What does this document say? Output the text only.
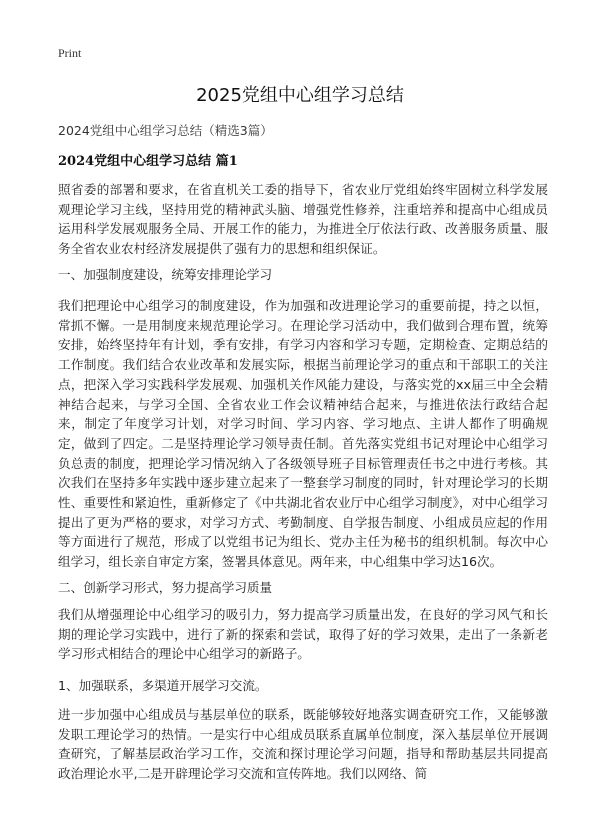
Print
2025党组中心组学习总结
2024党组中心组学习总结（精选3篇）
2024党组中心组学习总结 篇1

照省委的部署和要求，在省直机关工委的指导下，省农业厅党组始终牢固树立科学发展观理论学习主线，坚持用党的精神武头脑、增强党性修养，注重培养和提高中心组成员运用科学发展观服务全局、开展工作的能力，为推进全厅依法行政、改善服务质量、服务全省农业农村经济发展提供了强有力的思想和组织保证。

一、加强制度建设，统筹安排理论学习

我们把理论中心组学习的制度建设，作为加强和改进理论学习的重要前提，持之以恒，常抓不懈。一是用制度来规范理论学习。在理论学习活动中，我们做到合理布置，统筹安排，始终坚持年有计划，季有安排，有学习内容和学习专题，定期检查、定期总结的工作制度。我们结合农业改革和发展实际，根据当前理论学习的重点和干部职工的关注点，把深入学习实践科学发展观、加强机关作风能力建设，与落实党的xx届三中全会精神结合起来，与学习全国、全省农业工作会议精神结合起来，与推进依法行政结合起来，制定了年度学习计划，对学习时间、学习内容、学习地点、主讲人都作了明确规定，做到了四定。二是坚持理论学习领导责任制。首先落实党组书记对理论中心组学习负总责的制度，把理论学习情况纳入了各级领导班子目标管理责任书之中进行考核。其次我们在坚持多年实践中逐步建立起来了一整套学习制度的同时，针对理论学习的长期性、重要性和紧迫性，重新修定了《中共湖北省农业厅中心组学习制度》，对中心组学习提出了更为严格的要求，对学习方式、考勤制度、自学报告制度、小组成员应起的作用等方面进行了规范，形成了以党组书记为组长、党办主任为秘书的组织机制。每次中心组学习，组长亲自审定方案，签署具体意见。两年来，中心组集中学习达16次。

二、创新学习形式，努力提高学习质量

我们从增强理论中心组学习的吸引力，努力提高学习质量出发，在良好的学习风气和长期的理论学习实践中，进行了新的探索和尝试，取得了好的学习效果，走出了一条新老学习形式相结合的理论中心组学习的新路子。

1、加强联系，多渠道开展学习交流。

进一步加强中心组成员与基层单位的联系，既能够较好地落实调查研究工作，又能够激发职工理论学习的热情。一是实行中心组成员联系直属单位制度，深入基层单位开展调查研究，了解基层政治学习工作，交流和探讨理论学习问题，指导和帮助基层共同提高政治理论水平,二是开辟理论学习交流和宣传阵地。我们以网络、简
